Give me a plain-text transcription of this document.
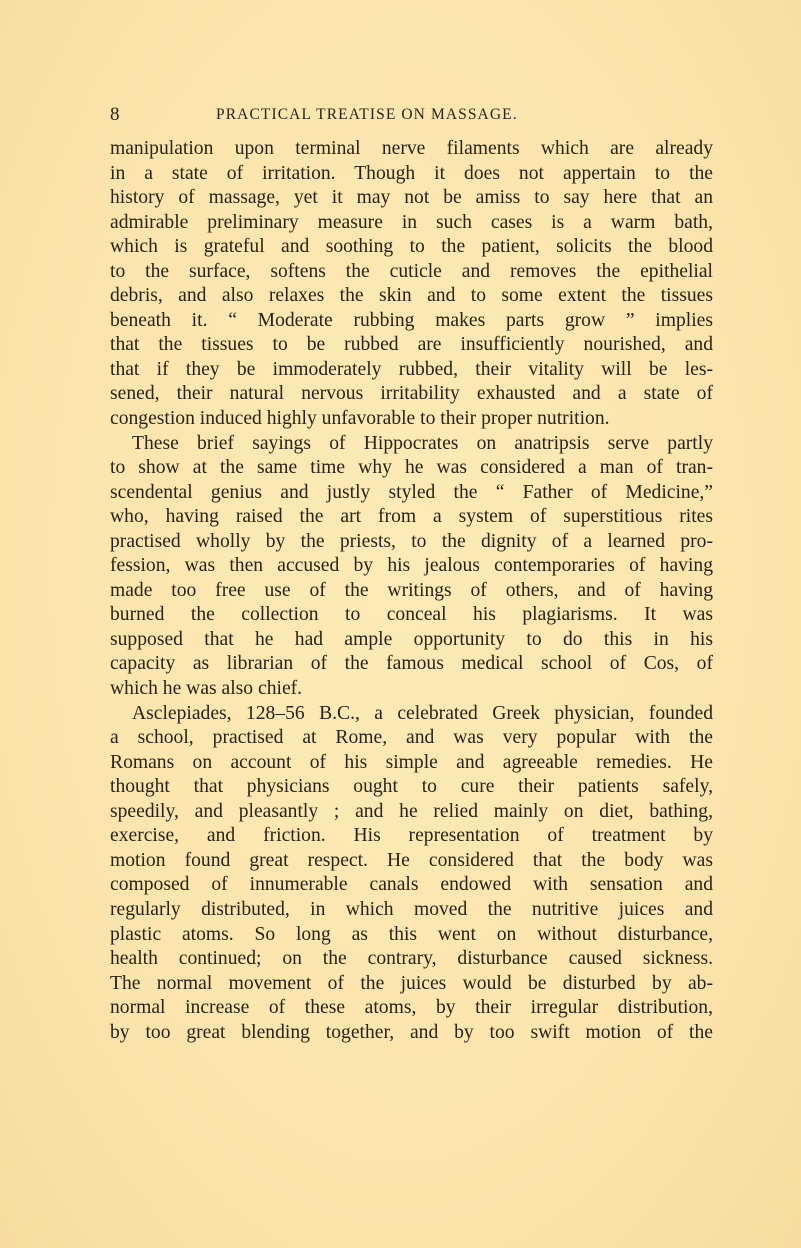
8	PRACTICAL TREATISE ON MASSAGE.
manipulation upon terminal nerve filaments which are already
in a state of irritation. Though it does not appertain to the
history of massage, yet it may not be amiss to say here that an
admirable preliminary measure in such cases is a warm bath,
which is grateful and soothing to the patient, solicits the blood
to the surface, softens the cuticle and removes the epithelial
debris, and also relaxes the skin and to some extent the tissues
beneath it. “ Moderate rubbing makes parts grow ” implies
that the tissues to be rubbed are insufficiently nourished, and
that if they be immoderately rubbed, their vitality will be les-
sened, their natural nervous irritability exhausted and a state of
congestion induced highly unfavorable to their proper nutrition.
These brief sayings of Hippocrates on anatripsis serve partly
to show at the same time why he was considered a man of tran-
scendental genius and justly styled the “ Father of Medicine,”
who, having raised the art from a system of superstitious rites
practised wholly by the priests, to the dignity of a learned pro-
fession, was then accused by his jealous contemporaries of having
made too free use of the writings of others, and of having
burned the collection to conceal his plagiarisms. It was
supposed that he had ample opportunity to do this in his
capacity as librarian of the famous medical school of Cos, of
which he was also chief.
Asclepiades, 128–56 B.C., a celebrated Greek physician, founded
a school, practised at Rome, and was very popular with the
Romans on account of his simple and agreeable remedies. He
thought that physicians ought to cure their patients safely,
speedily, and pleasantly ; and he relied mainly on diet, bathing,
exercise, and friction. His representation of treatment by
motion found great respect. He considered that the body was
composed of innumerable canals endowed with sensation and
regularly distributed, in which moved the nutritive juices and
plastic atoms. So long as this went on without disturbance,
health continued; on the contrary, disturbance caused sickness.
The normal movement of the juices would be disturbed by ab-
normal increase of these atoms, by their irregular distribution,
by too great blending together, and by too swift motion of the
